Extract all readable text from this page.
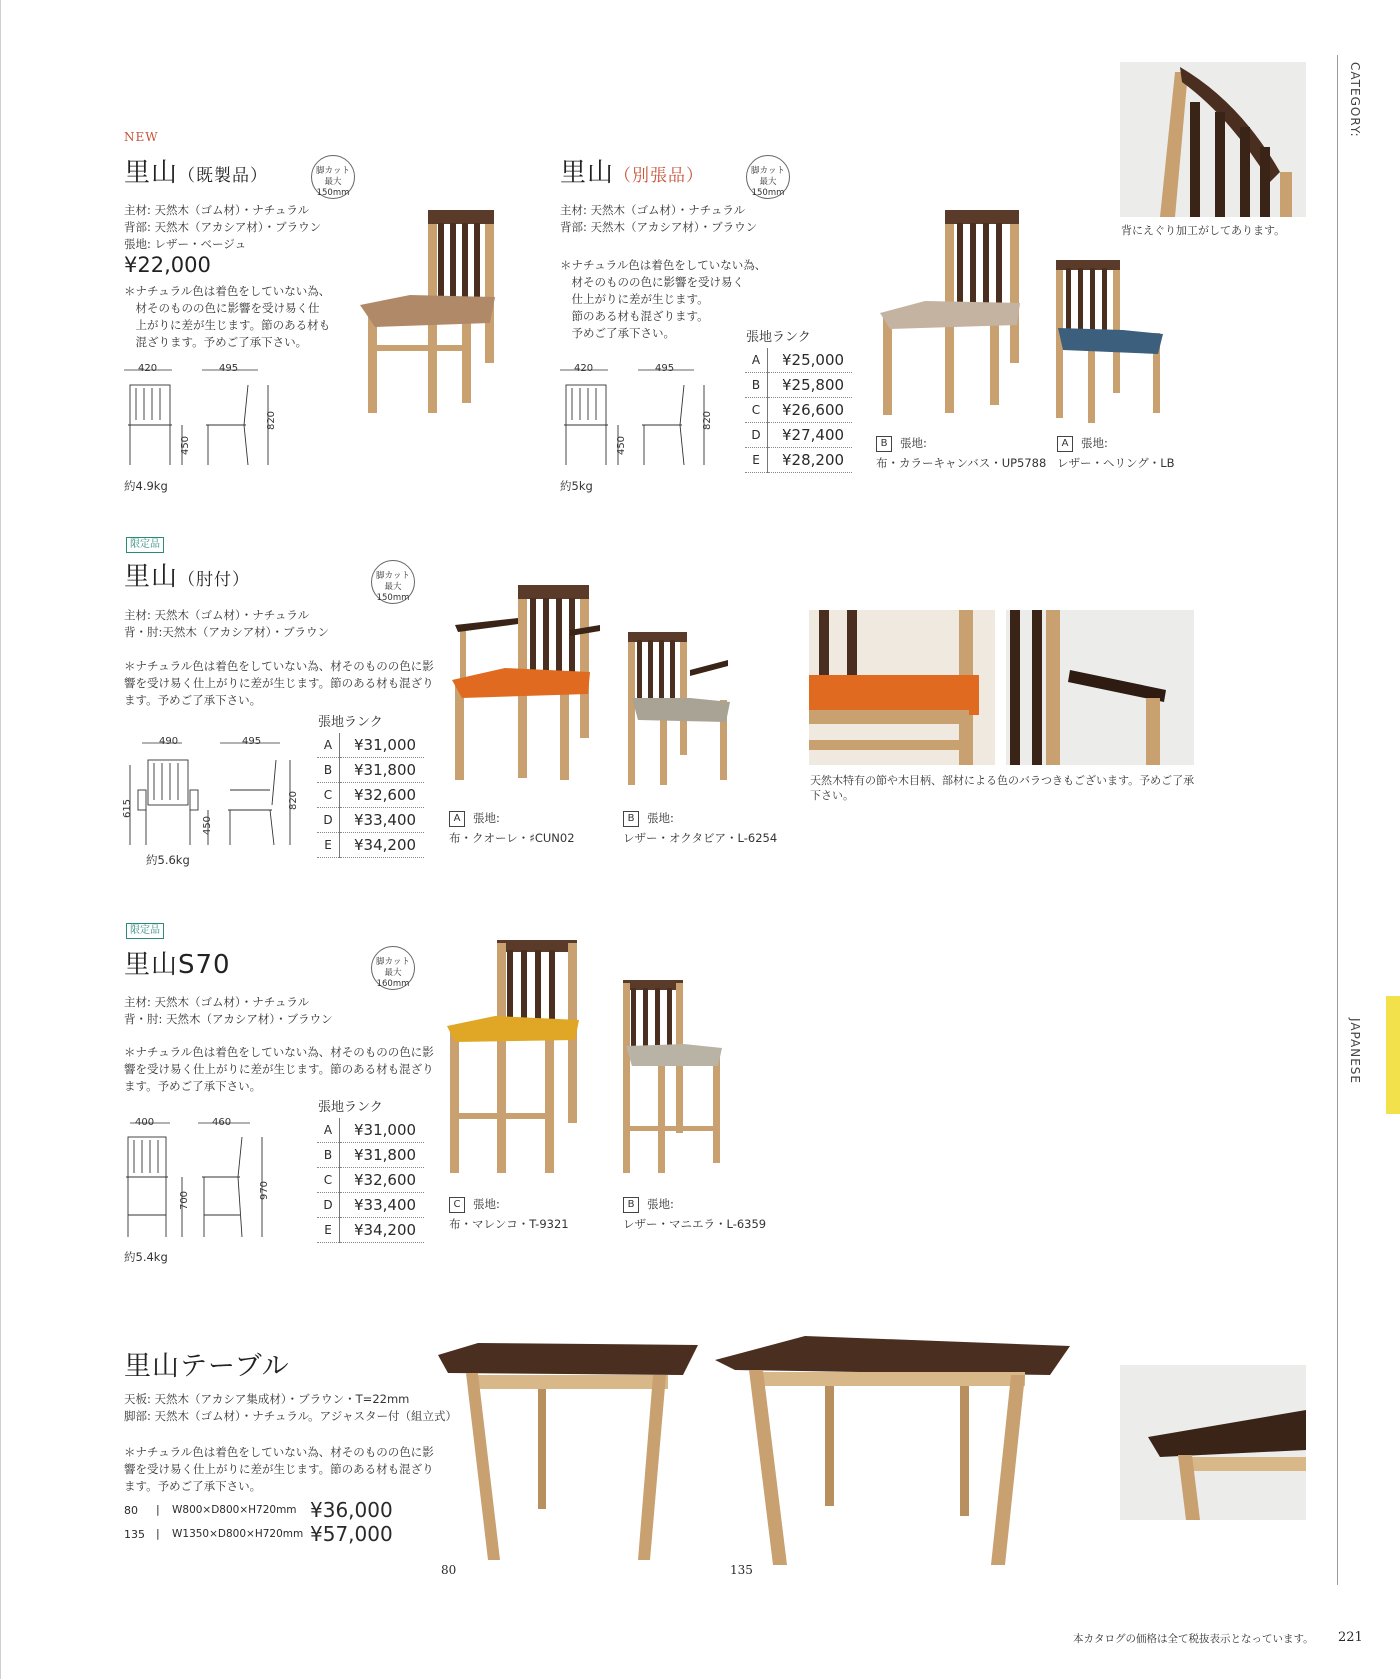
CATEGORY:
JAPANESE
NEW
里山（既製品）	脚カット
最大150mm
主材: 天然木（ゴム材）・ナチュラル
背部: 天然木（アカシア材）・ブラウン
張地: レザー・ベージュ
¥22,000
＊ナチュラル色は着色をしていない為、
　材そのものの色に影響を受け易く仕
　上がりに差が生じます。節のある材も
　混ざります。予めご了承下さい。
420	495
450
820
約4.9kg
里山（別張品）	脚カット
最大150mm
主材: 天然木（ゴム材）・ナチュラル
背部: 天然木（アカシア材）・ブラウン
＊ナチュラル色は着色をしていない為、
　材そのものの色に影響を受け易く
　仕上がりに差が生じます。
　節のある材も混ざります。
　予めご了承下さい。	張地ランク
A	¥25,000
B	¥25,800
C	¥26,600
D	¥27,400
E	¥28,200
420	495
450
820
約5kg
B 張地:
布・カラーキャンバス・UP5788
A 張地:
レザー・ヘリング・LB
背にえぐり加工がしてあります。
限定品
里山（肘付）	脚カット
最大150mm
主材: 天然木（ゴム材）・ナチュラル
背・肘:天然木（アカシア材）・ブラウン
＊ナチュラル色は着色をしていない為、材そのものの色に影
響を受け易く仕上がりに差が生じます。節のある材も混ざり
ます。予めご了承下さい。
張地ランク
A	¥31,000
B	¥31,800
C	¥32,600
D	¥33,400
E	¥34,200
490	495
615
450
820
約5.6kg
A 張地:
布・クオーレ・♯CUN02
B 張地:
レザー・オクタビア・L-6254
天然木特有の節や木目柄、部材による色のバラつきもございます。予めご了承
下さい。
限定品
里山S70	脚カット
最大160mm
主材: 天然木（ゴム材）・ナチュラル
背・肘: 天然木（アカシア材）・ブラウン
＊ナチュラル色は着色をしていない為、材そのものの色に影
響を受け易く仕上がりに差が生じます。節のある材も混ざり
ます。予めご了承下さい。
張地ランク
A	¥31,000
B	¥31,800
C	¥32,600
D	¥33,400
E	¥34,200
400	460
700
970
約5.4kg
C 張地:
布・マレンコ・T-9321
B 張地:
レザー・マニエラ・L-6359
里山テーブル
天板: 天然木（アカシア集成材）・ブラウン・T=22mm
脚部: 天然木（ゴム材）・ナチュラル。アジャスター付（組立式）
＊ナチュラル色は着色をしていない為、材そのものの色に影
響を受け易く仕上がりに差が生じます。節のある材も混ざり
ます。予めご了承下さい。
80 | W800×D800×H720mm ¥36,000
135 | W1350×D800×H720mm ¥57,000
80	135
本カタログの価格は全て税抜表示となっています。 221
